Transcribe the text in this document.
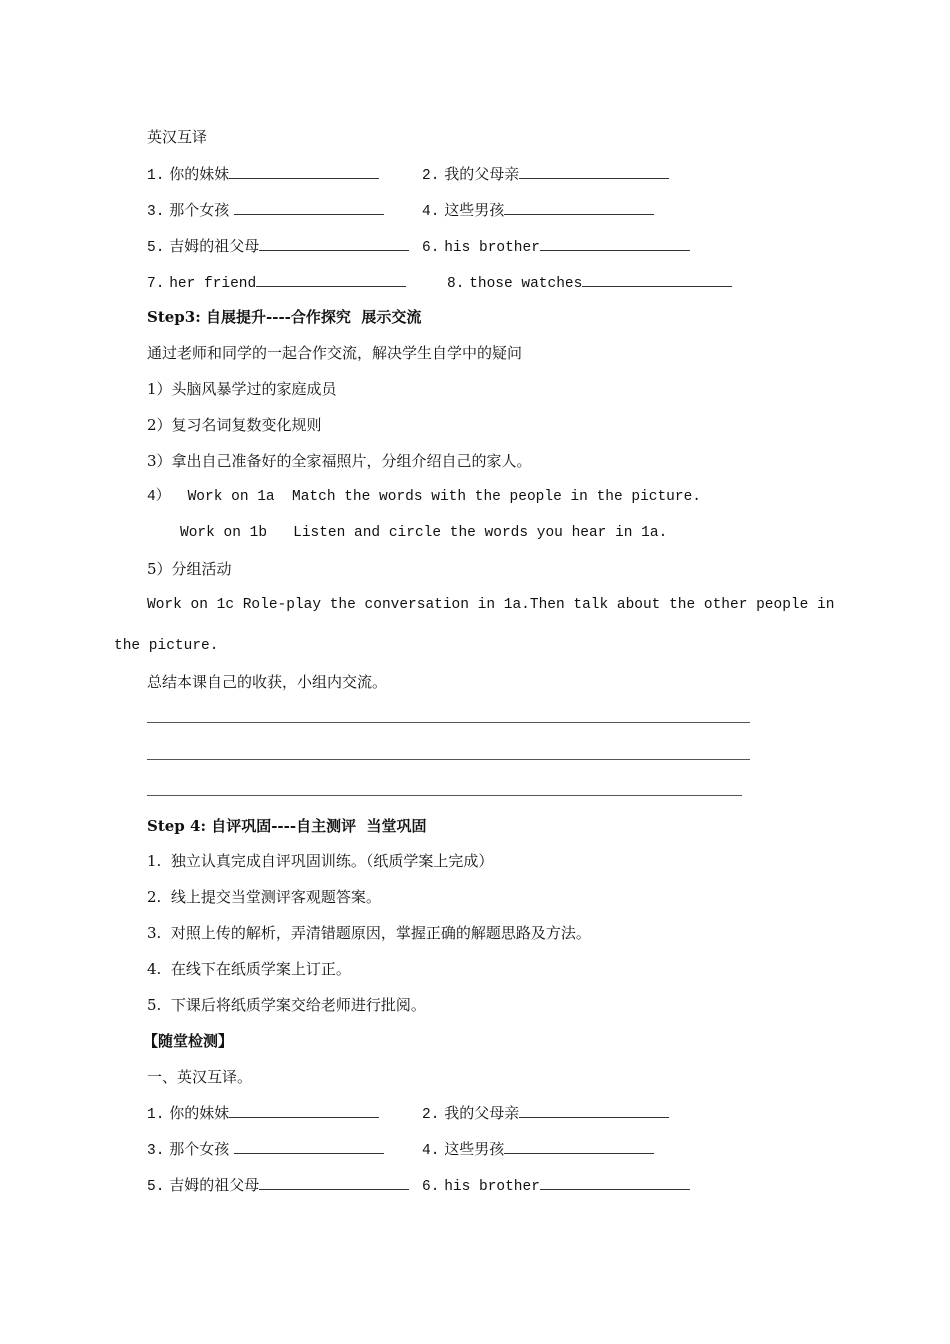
英汉互译
1. 你的妹妹	2. 我的父母亲
3. 那个女孩	4. 这些男孩
5. 吉姆的祖父母	6. his brother
7. her friend	8. those watches
Step3: 自展提升----合作探究  展示交流
通过老师和同学的一起合作交流，解决学生自学中的疑问
1）头脑风暴学过的家庭成员
2）复习名词复数变化规则
3）拿出自己准备好的全家福照片，分组介绍自己的家人。
4）  Work on 1a  Match the words with the people in the picture.
Work on 1b   Listen and circle the words you hear in 1a.
5）分组活动
Work on 1c Role-play the conversation in 1a.Then talk about the other people in
the picture.
总结本课自己的收获，小组内交流。
Step 4: 自评巩固----自主测评  当堂巩固
1.  独立认真完成自评巩固训练。（纸质学案上完成）
2.  线上提交当堂测评客观题答案。
3.  对照上传的解析，弄清错题原因，掌握正确的解题思路及方法。
4.  在线下在纸质学案上订正。
5.  下课后将纸质学案交给老师进行批阅。
【随堂检测】
一、英汉互译。
1. 你的妹妹	2. 我的父母亲
3. 那个女孩	4. 这些男孩
5. 吉姆的祖父母	6. his brother
